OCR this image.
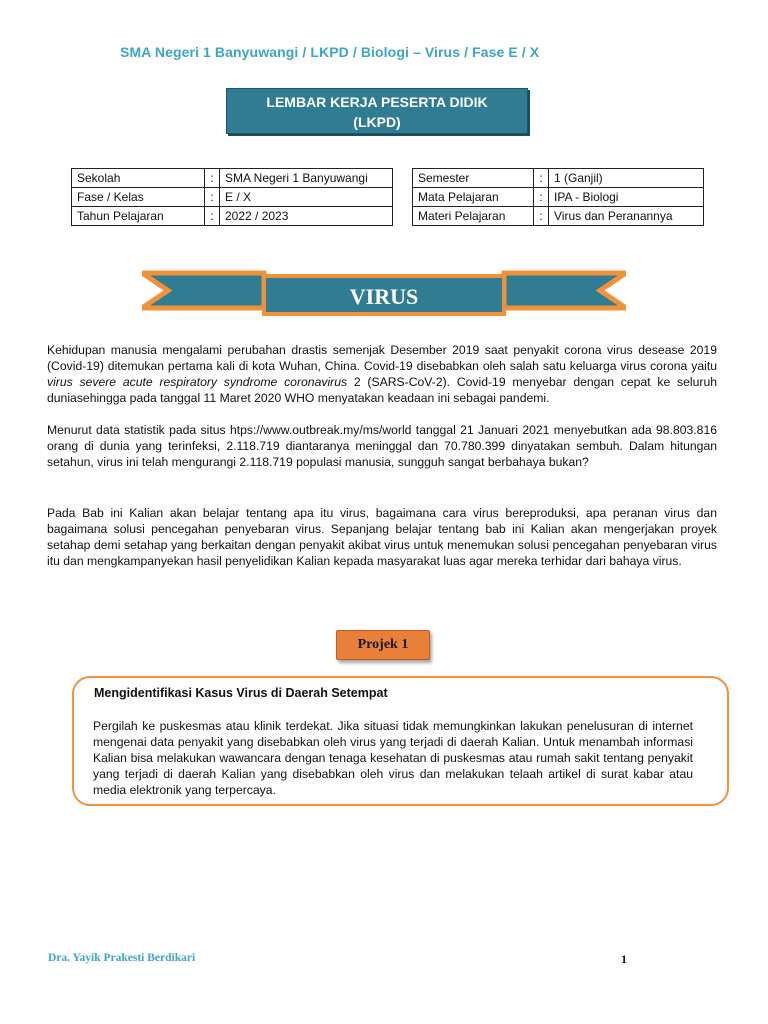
SMA Negeri 1 Banyuwangi / LKPD / Biologi – Virus / Fase E / X
LEMBAR KERJA PESERTA DIDIK
(LKPD)
Sekolah	:	SMA Negeri 1 Banyuwangi
Fase / Kelas	:	E / X
Tahun Pelajaran	:	2022 / 2023
Semester	:	1 (Ganjil)
Mata Pelajaran	:	IPA - Biologi
Materi Pelajaran	:	Virus dan Peranannya
VIRUS

Kehidupan manusia mengalami perubahan drastis semenjak Desember 2019 saat penyakit corona virus desease 2019 (Covid-19) ditemukan pertama kali di kota Wuhan, China. Covid-19 disebabkan oleh salah satu keluarga virus corona yaitu virus severe acute respiratory syndrome coronavirus 2 (SARS-CoV-2). Covid-19 menyebar dengan cepat ke seluruh duniasehingga pada tanggal 11 Maret 2020 WHO menyatakan keadaan ini sebagai pandemi.

Menurut data statistik pada situs htps://www.outbreak.my/ms/world tanggal 21 Januari 2021 menyebutkan ada 98.803.816 orang di dunia yang terinfeksi, 2.118.719 diantaranya meninggal dan 70.780.399 dinyatakan sembuh. Dalam hitungan setahun, virus ini telah mengurangi 2.118.719 populasi manusia, sungguh sangat berbahaya bukan?

Pada Bab ini Kalian akan belajar tentang apa itu virus, bagaimana cara virus bereproduksi, apa peranan virus dan bagaimana solusi pencegahan penyebaran virus. Sepanjang belajar tentang bab ini Kalian akan mengerjakan proyek setahap demi setahap yang berkaitan dengan penyakit akibat virus untuk menemukan solusi pencegahan penyebaran virus itu dan mengkampanyekan hasil penyelidikan Kalian kepada masyarakat luas agar mereka terhidar dari bahaya virus.

Projek 1
Mengidentifikasi Kasus Virus di Daerah Setempat
Pergilah ke puskesmas atau klinik terdekat. Jika situasi tidak memungkinkan lakukan penelusuran di internet mengenai data penyakit yang disebabkan oleh virus yang terjadi di daerah Kalian. Untuk menambah informasi Kalian bisa melakukan wawancara dengan tenaga kesehatan di puskesmas atau rumah sakit tentang penyakit yang terjadi di daerah Kalian yang disebabkan oleh virus dan melakukan telaah artikel di surat kabar atau media elektronik yang terpercaya.
Dra. Yayik Prakesti Berdikari	1
